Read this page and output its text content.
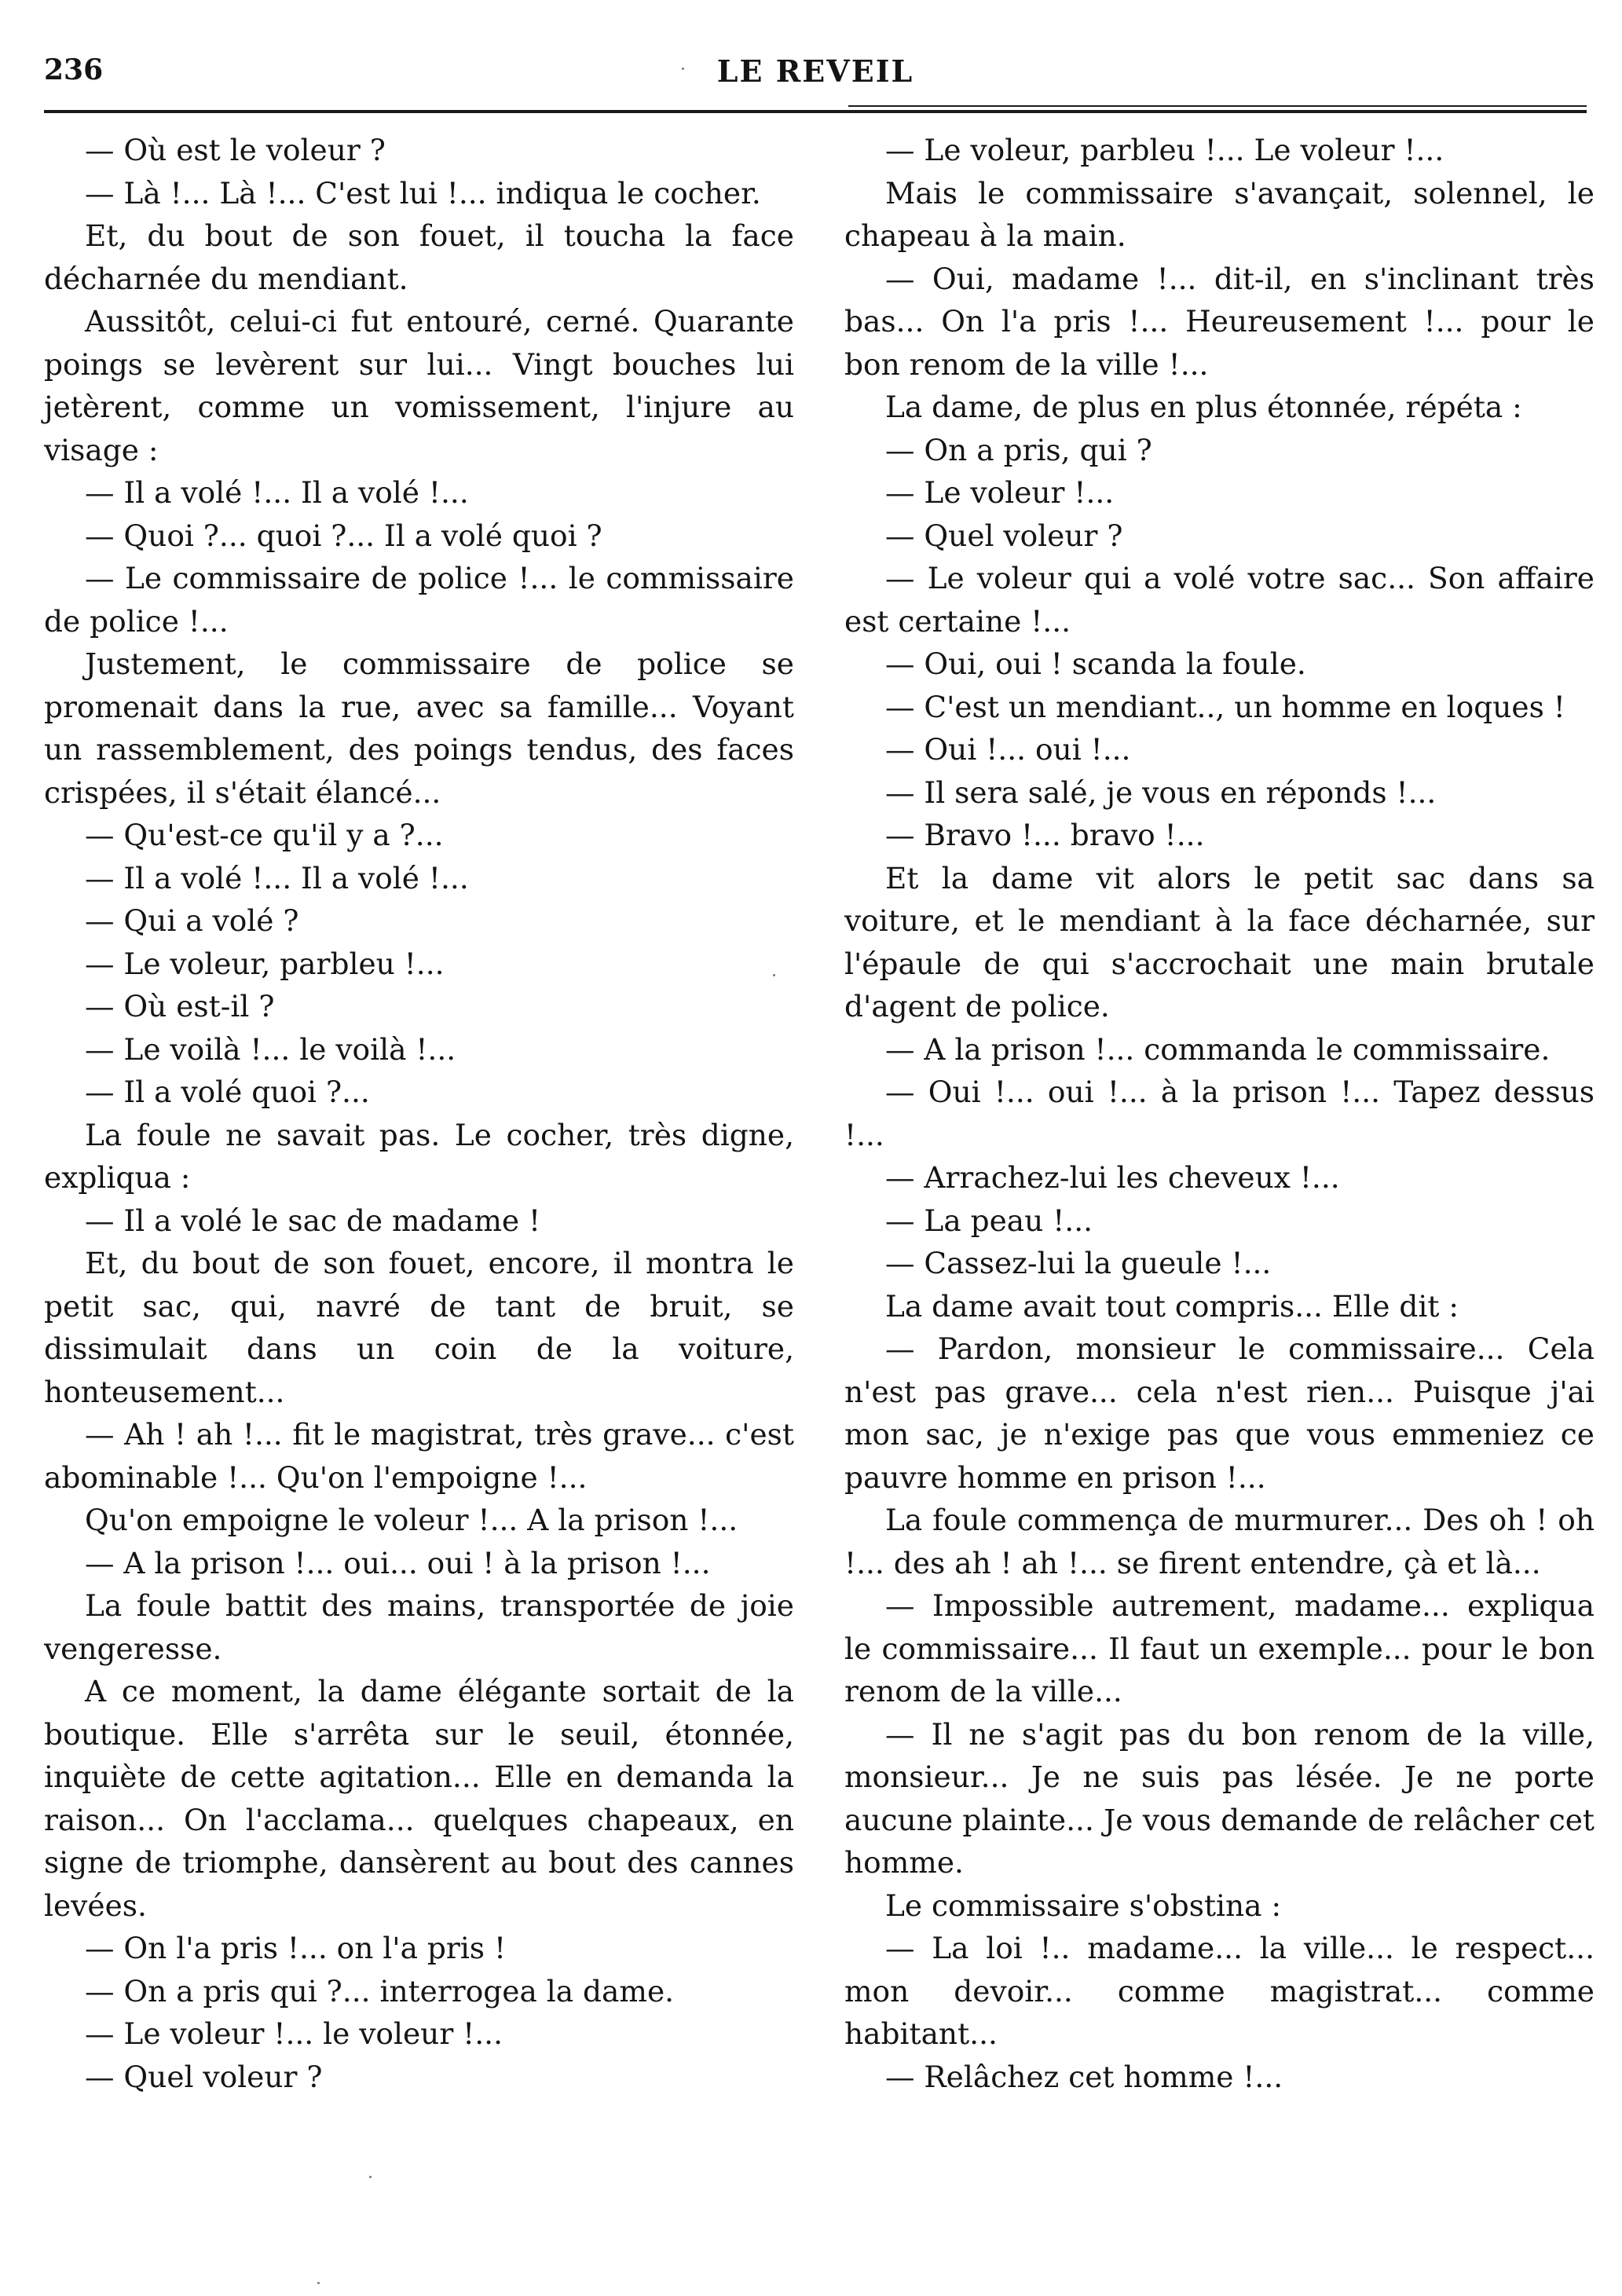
236	LE REVEIL

— Où est le voleur ?

— Là !... Là !... C'est lui !... indiqua le cocher.

Et, du bout de son fouet, il toucha la face décharnée du mendiant.

Aussitôt, celui-ci fut entouré, cerné. Quarante poings se levèrent sur lui... Vingt bouches lui jetèrent, comme un vomissement, l'injure au visage :

— Il a volé !... Il a volé !...

— Quoi ?... quoi ?... Il a volé quoi ?

— Le commissaire de police !... le commissaire de police !...

Justement, le commissaire de police se promenait dans la rue, avec sa famille... Voyant un rassemblement, des poings tendus, des faces crispées, il s'était élancé...

— Qu'est-ce qu'il y a ?...

— Il a volé !... Il a volé !...

— Qui a volé ?

— Le voleur, parbleu !...

— Où est-il ?

— Le voilà !... le voilà !...

— Il a volé quoi ?...

La foule ne savait pas. Le cocher, très digne, expliqua :

— Il a volé le sac de madame !

Et, du bout de son fouet, encore, il montra le petit sac, qui, navré de tant de bruit, se dissimulait dans un coin de la voiture, honteusement...

— Ah ! ah !... fit le magistrat, très grave... c'est abominable !... Qu'on l'empoigne !...

Qu'on empoigne le voleur !... A la prison !...

— A la prison !... oui... oui ! à la prison !...

La foule battit des mains, transportée de joie vengeresse.

A ce moment, la dame élégante sortait de la boutique. Elle s'arrêta sur le seuil, étonnée, inquiète de cette agitation... Elle en demanda la raison... On l'acclama... quelques chapeaux, en signe de triomphe, dansèrent au bout des cannes levées.

— On l'a pris !... on l'a pris !

— On a pris qui ?... interrogea la dame.

— Le voleur !... le voleur !...

— Quel voleur ?

— Le voleur, parbleu !... Le voleur !...

Mais le commissaire s'avançait, solennel, le chapeau à la main.

— Oui, madame !... dit-il, en s'inclinant très bas... On l'a pris !... Heureusement !... pour le bon renom de la ville !...

La dame, de plus en plus étonnée, répéta :

— On a pris, qui ?

— Le voleur !...

— Quel voleur ?

— Le voleur qui a volé votre sac... Son affaire est certaine !...

— Oui, oui ! scanda la foule.

— C'est un mendiant.., un homme en loques !

— Oui !... oui !...

— Il sera salé, je vous en réponds !...

— Bravo !... bravo !...

Et la dame vit alors le petit sac dans sa voiture, et le mendiant à la face décharnée, sur l'épaule de qui s'accrochait une main brutale d'agent de police.

— A la prison !... commanda le commissaire.

— Oui !... oui !... à la prison !... Tapez dessus !...

— Arrachez-lui les cheveux !...

— La peau !...

— Cassez-lui la gueule !...

La dame avait tout compris... Elle dit :

— Pardon, monsieur le commissaire... Cela n'est pas grave... cela n'est rien... Puisque j'ai mon sac, je n'exige pas que vous emmeniez ce pauvre homme en prison !...

La foule commença de murmurer... Des oh ! oh !... des ah ! ah !... se firent entendre, çà et là...

— Impossible autrement, madame... expliqua le commissaire... Il faut un exemple... pour le bon renom de la ville...

— Il ne s'agit pas du bon renom de la ville, monsieur... Je ne suis pas lésée. Je ne porte aucune plainte... Je vous demande de relâcher cet homme.

Le commissaire s'obstina :

— La loi !.. madame... la ville... le respect... mon devoir... comme magistrat... comme habitant...

— Relâchez cet homme !...
